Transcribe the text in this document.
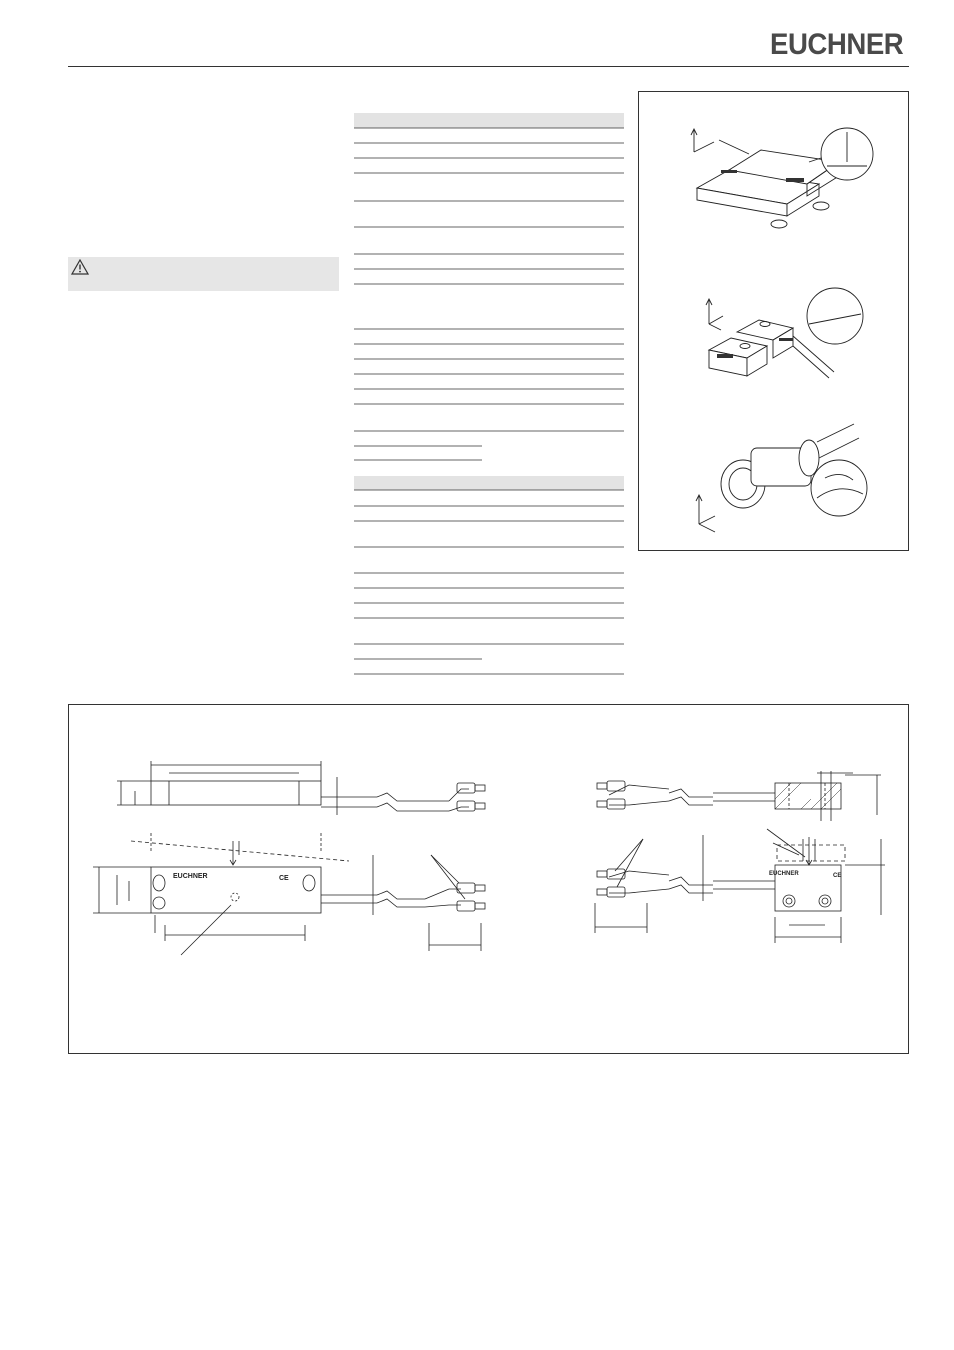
EUCHNER
EUCHNER	CE
EUCHNER	CE
